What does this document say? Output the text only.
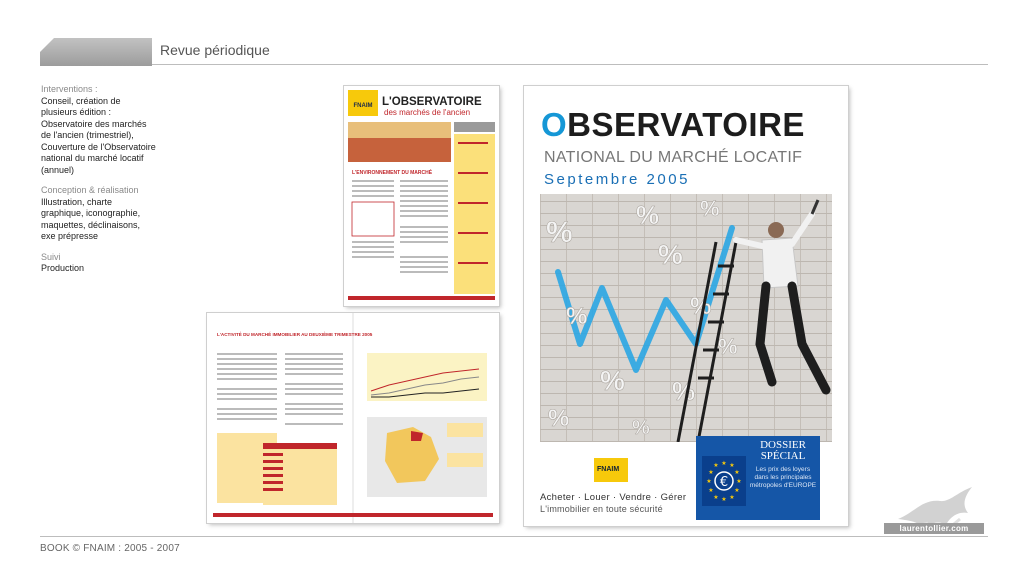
Revue périodique
Interventions :
Conseil, création de plusieurs édition : Observatoire des marchés de l'ancien (trimestriel), Couverture de l'Observatoire national du marché locatif (annuel)
Conception & réalisation
Illustration, charte graphique, iconographie, maquettes, déclinaisons, exe prépresse
Suivi
Production
FNAIM L'OBSERVATOIRE
des marchés de l'ancien
L'ENVIRONNEMENT DU MARCHÉ
L'ACTIVITÉ DU MARCHÉ IMMOBILIER AU DEUXIÈME TRIMESTRE 2005
OBSERVATOIRE
NATIONAL DU MARCHÉ LOCATIF
Septembre 2005
%
% %
%
%	%
%
%
%
%
%
FNAIM
Acheter · Louer · Vendre · Gérer
L'immobilier en toute sécurité
★ ★
★
★
★
★
★
★
★
★
★
★
€
DOSSIER SPÉCIAL
Les prix des loyers dans les principales métropoles d'EUROPE
laurentollier.com
BOOK © FNAIM : 2005 - 2007
